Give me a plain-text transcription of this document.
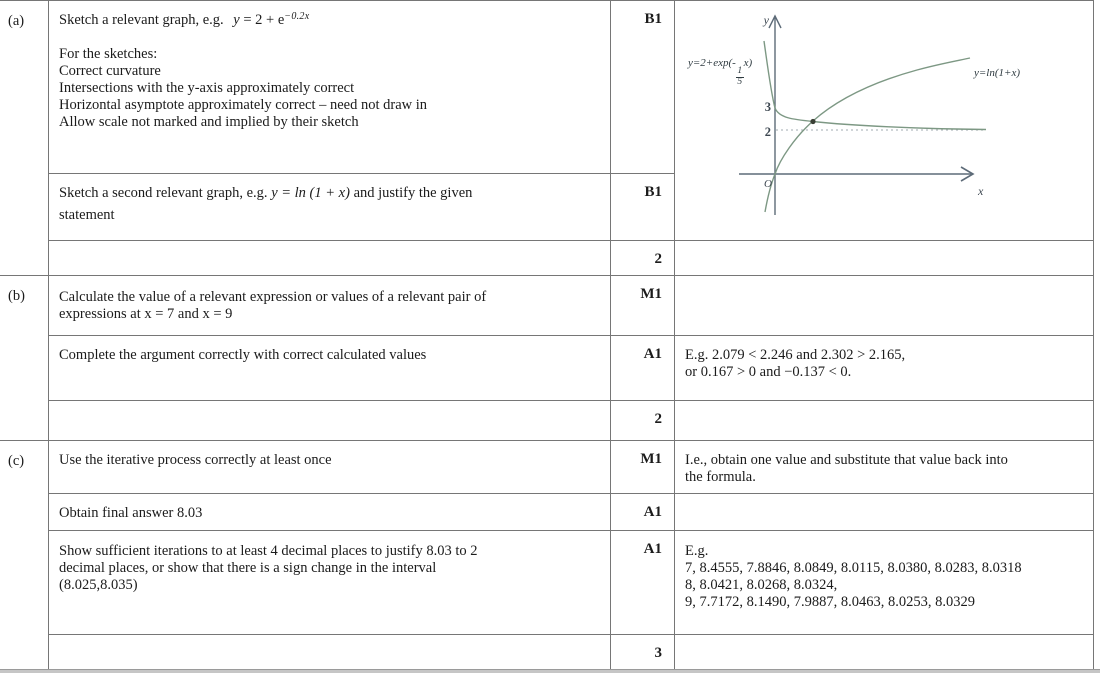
(a)
(b)
(c)
Sketch a relevant graph, e.g. $y = 2 + e^{-0.2x}$
For the sketches:
Correct curvature
Intersections with the y-axis approximately correct
Horizontal asymptote approximately correct – need not draw in
Allow scale not marked and implied by their sketch
Sketch a second relevant graph, e.g. y = ln (1 + x) and justify the given
statement
Calculate the value of a relevant expression or values of a relevant pair of
expressions at x = 7 and x = 9
Complete the argument correctly with correct calculated values
Use the iterative process correctly at least once
Obtain final answer 8.03
Show sufficient iterations to at least 4 decimal places to justify 8.03 to 2
decimal places, or show that there is a sign change in the interval
(8.025,8.035)
B1
B1
2
M1
A1
2
M1
A1
A1
3
3
2
O
y
x
y=2+exp(-
$\frac{1}{5}$
x)
y=ln(1+x)
E.g. 2.079 < 2.246 and 2.302 > 2.165,
or 0.167 > 0 and −0.137 < 0.
I.e., obtain one value and substitute that value back into
the formula.
E.g.
7, 8.4555, 7.8846, 8.0849, 8.0115, 8.0380, 8.0283, 8.0318
8, 8.0421, 8.0268, 8.0324,
9, 7.7172, 8.1490, 7.9887, 8.0463, 8.0253, 8.0329
